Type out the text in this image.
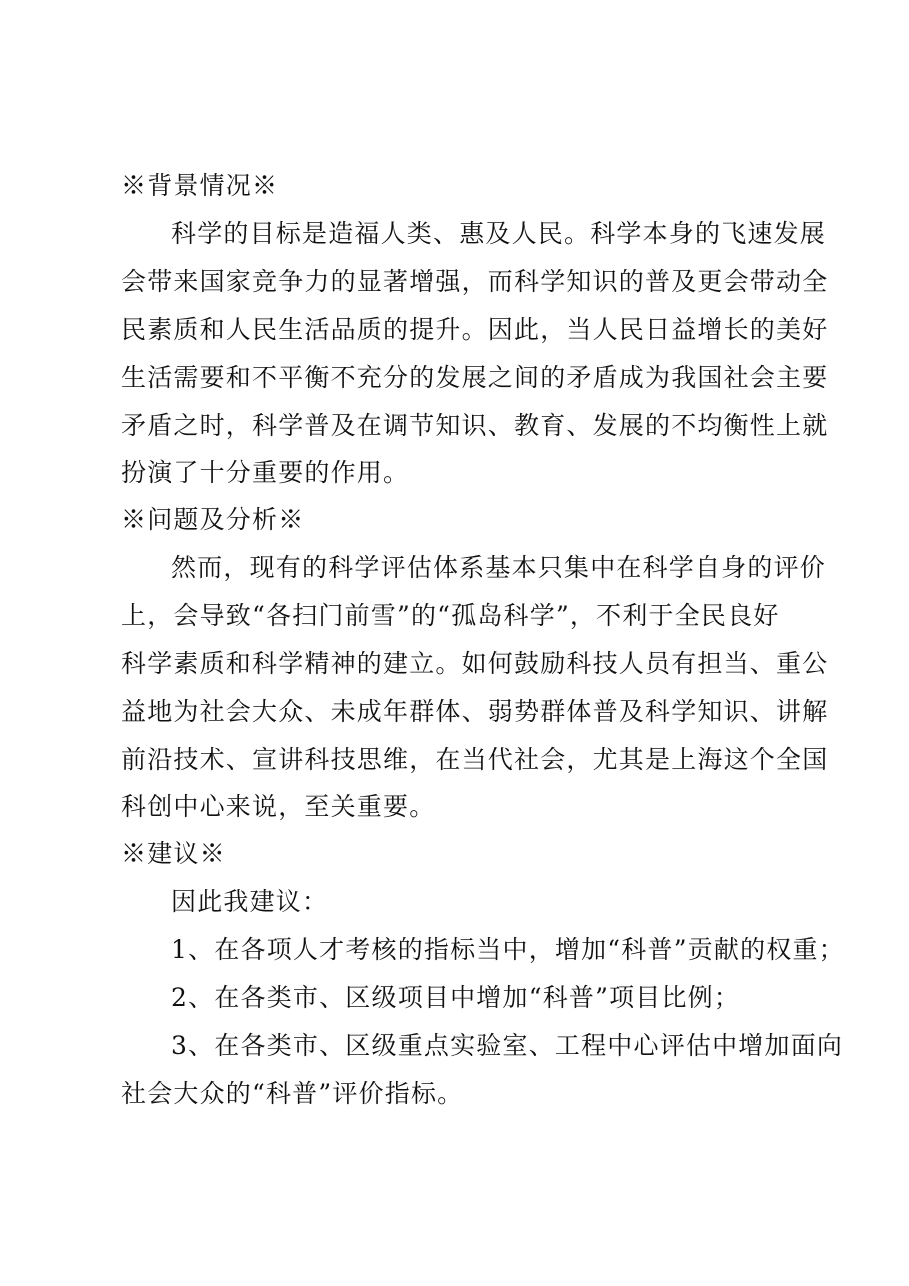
※背景情况※
科学的目标是造福人类、惠及人民。科学本身的飞速发展
会带来国家竞争力的显著增强，而科学知识的普及更会带动全
民素质和人民生活品质的提升。因此，当人民日益增长的美好
生活需要和不平衡不充分的发展之间的矛盾成为我国社会主要
矛盾之时，科学普及在调节知识、教育、发展的不均衡性上就
扮演了十分重要的作用。
※问题及分析※
然而，现有的科学评估体系基本只集中在科学自身的评价
上，会导致“各扫门前雪”的“孤岛科学”，不利于全民良好
科学素质和科学精神的建立。如何鼓励科技人员有担当、重公
益地为社会大众、未成年群体、弱势群体普及科学知识、讲解
前沿技术、宣讲科技思维，在当代社会，尤其是上海这个全国
科创中心来说，至关重要。
※建议※
因此我建议：
1、在各项人才考核的指标当中，增加“科普”贡献的权重；
2、在各类市、区级项目中增加“科普”项目比例；
3、在各类市、区级重点实验室、工程中心评估中增加面向
社会大众的“科普”评价指标。
